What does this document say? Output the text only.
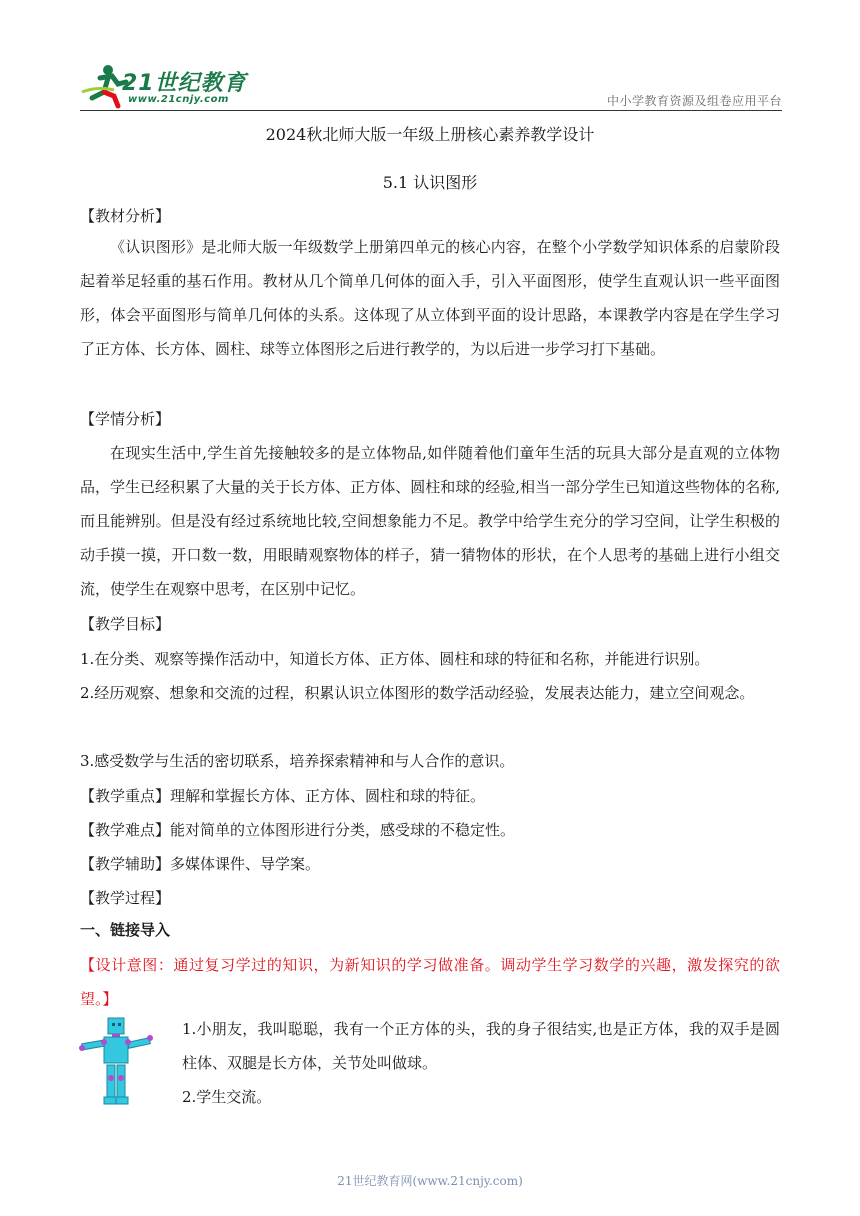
21世纪教育
www.21cnjy.com	中小学教育资源及组卷应用平台
2024秋北师大版一年级上册核心素养教学设计
5.1 认识图形
【教材分析】
《认识图形》是北师大版一年级数学上册第四单元的核心内容，在整个小学数学知识体系的启蒙阶段起着举足轻重的基石作用。教材从几个简单几何体的面入手，引入平面图形，使学生直观认识一些平面图形，体会平面图形与简单几何体的头系。这体现了从立体到平面的设计思路，本课教学内容是在学生学习了正方体、长方体、圆柱、球等立体图形之后进行教学的，为以后进一步学习打下基础。
【学情分析】
在现实生活中,学生首先接触较多的是立体物品,如伴随着他们童年生活的玩具大部分是直观的立体物品，学生已经积累了大量的关于长方体、正方体、圆柱和球的经验,相当一部分学生已知道这些物体的名称,而且能辨别。但是没有经过系统地比较,空间想象能力不足。教学中给学生充分的学习空间，让学生积极的动手摸一摸，开口数一数，用眼睛观察物体的样子，猜一猜物体的形状，在个人思考的基础上进行小组交流，使学生在观察中思考，在区别中记忆。
【教学目标】
1.在分类、观察等操作活动中，知道长方体、正方体、圆柱和球的特征和名称，并能进行识别。
2.经历观察、想象和交流的过程，积累认识立体图形的数学活动经验，发展表达能力，建立空间观念。
3.感受数学与生活的密切联系，培养探索精神和与人合作的意识。
【教学重点】理解和掌握长方体、正方体、圆柱和球的特征。
【教学难点】能对简单的立体图形进行分类，感受球的不稳定性。
【教学辅助】多媒体课件、导学案。
【教学过程】
一、链接导入
【设计意图：通过复习学过的知识，为新知识的学习做准备。调动学生学习数学的兴趣，激发探究的欲望。】
1.小朋友，我叫聪聪，我有一个正方体的头，我的身子很结实,也是正方体，我的双手是圆柱体、双腿是长方体，关节处叫做球。
2.学生交流。
21世纪教育网(www.21cnjy.com)
